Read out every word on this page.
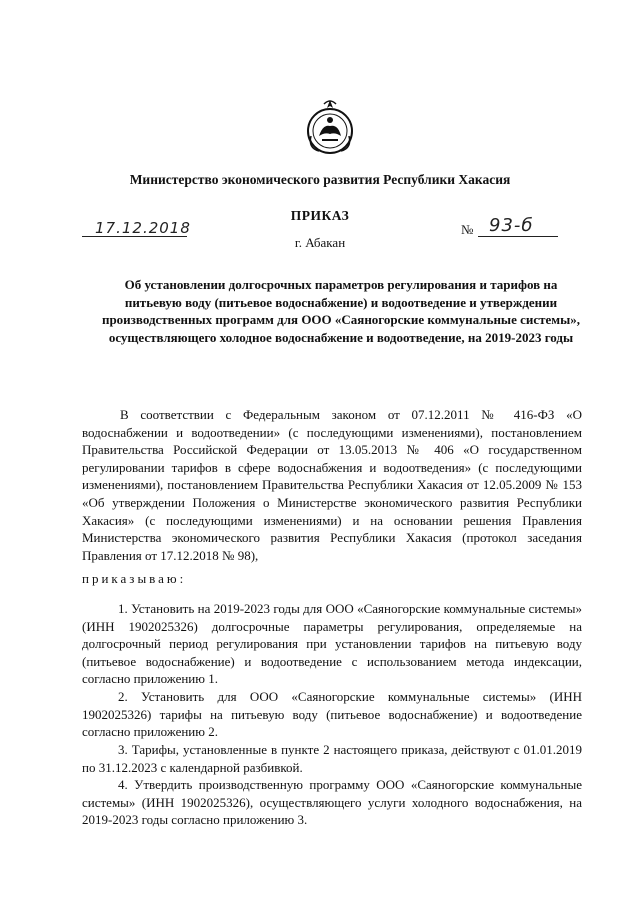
Министерство экономического развития Республики Хакасия
ПРИКАЗ
17.12.2018	№ 93-б
г. Абакан
Об установлении долгосрочных параметров регулирования и тарифов на питьевую воду (питьевое водоснабжение) и водоотведение и утверждении производственных программ для ООО «Саяногорские коммунальные системы», осуществляющего холодное водоснабжение и водоотведение, на 2019-2023 годы
В соответствии с Федеральным законом от 07.12.2011 № 416-ФЗ «О водоснабжении и водоотведении» (с последующими изменениями), постановлением Правительства Российской Федерации от 13.05.2013 № 406 «О государственном регулировании тарифов в сфере водоснабжения и водоотведения» (с последующими изменениями), постановлением Правительства Республики Хакасия от 12.05.2009 № 153 «Об утверждении Положения о Министерстве экономического развития Республики Хакасия» (с последующими изменениями) и на основании решения Правления Министерства экономического развития Республики Хакасия (протокол заседания Правления от 17.12.2018 № 98),
приказываю:
1. Установить на 2019-2023 годы для ООО «Саяногорские коммунальные системы» (ИНН 1902025326) долгосрочные параметры регулирования, определяемые на долгосрочный период регулирования при установлении тарифов на питьевую воду (питьевое водоснабжение) и водоотведение с использованием метода индексации, согласно приложению 1.
2. Установить для ООО «Саяногорские коммунальные системы» (ИНН 1902025326) тарифы на питьевую воду (питьевое водоснабжение) и водоотведение согласно приложению 2.
3. Тарифы, установленные в пункте 2 настоящего приказа, действуют с 01.01.2019 по 31.12.2023 с календарной разбивкой.
4. Утвердить производственную программу ООО «Саяногорские коммунальные системы» (ИНН 1902025326), осуществляющего услуги холодного водоснабжения, на 2019-2023 годы согласно приложению 3.
